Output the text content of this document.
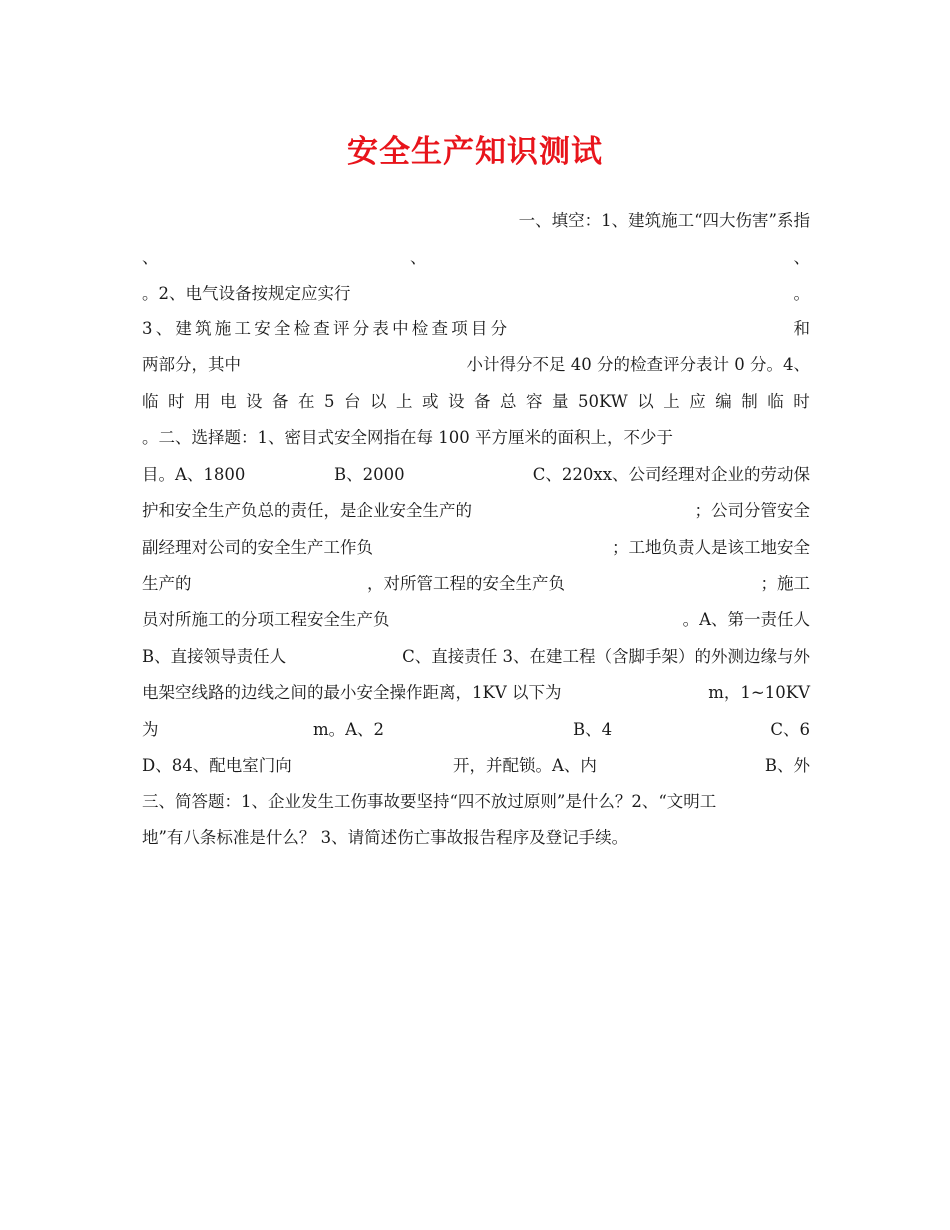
安全生产知识测试
一、填空：1、建筑施工“四大伤害”系指
、	、	、
。2、电气设备按规定应实行	。
3、建筑施工安全检查评分表中检查项目分	和
两部分，其中	小计得分不足 40 分的检查评分表计 0 分。4、
临 时 用 电 设 备 在 5 台 以 上 或 设 备 总 容 量 50KW 以 上 应 编 制 临 时
。二、选择题：1、密目式安全网指在每 100 平方厘米的面积上，不少于
目。A、1800	B、2000	C、220xx、公司经理对企业的劳动保
护和安全生产负总的责任，是企业安全生产的	；公司分管安全
副经理对公司的安全生产工作负	；工地负责人是该工地安全
生产的	，对所管工程的安全生产负	；施工
员对所施工的分项工程安全生产负	。A、第一责任人
B、直接领导责任人	C、直接责任 3、在建工程（含脚手架）的外测边缘与外
电架空线路的边线之间的最小安全操作距离，1KV 以下为	m，1~10KV
为	m。A、2	B、4	C、6
D、84、配电室门向	开，并配锁。A、内	B、外
三、简答题：1、企业发生工伤事故要坚持“四不放过原则”是什么？2、“文明工
地”有八条标准是什么？ 3、请简述伤亡事故报告程序及登记手续。
